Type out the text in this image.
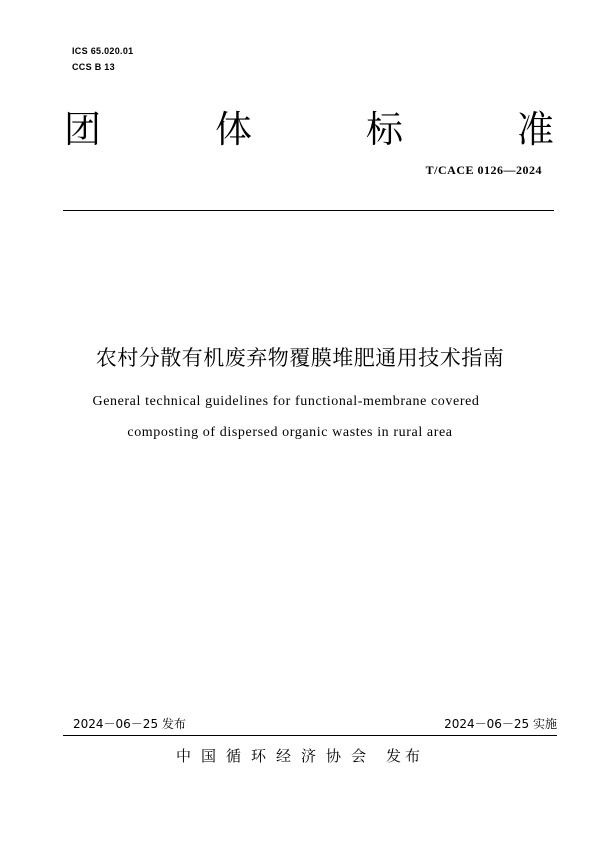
ICS 65.020.01
CCS B 13
团	体	标	准
T/CACE 0126—2024
农村分散有机废弃物覆膜堆肥通用技术指南
General technical guidelines for functional-membrane covered
composting of dispersed organic wastes in rural area
2024－06－25 发布	2024－06－25 实施
中国循环经济协会 发布
